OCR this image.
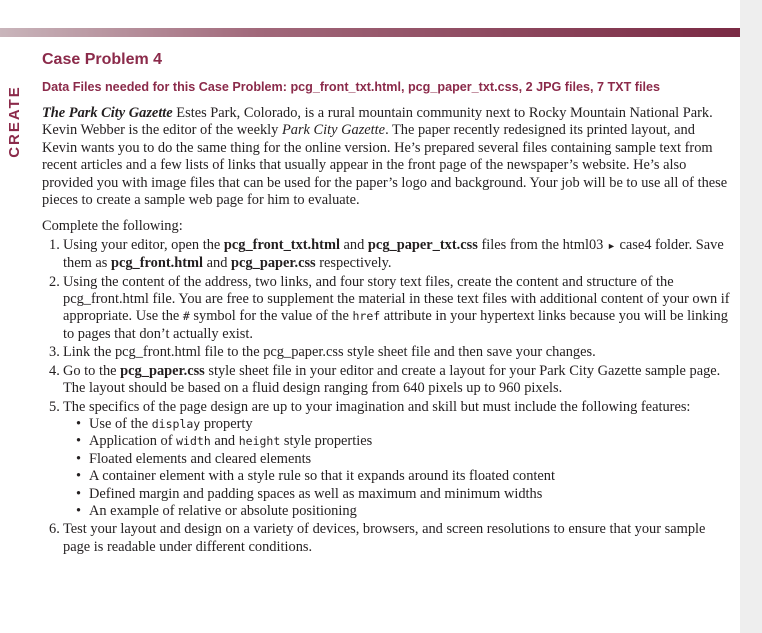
CREATE
Case Problem 4
Data Files needed for this Case Problem: pcg_front_txt.html, pcg_paper_txt.css, 2 JPG files, 7 TXT files

The Park City Gazette Estes Park, Colorado, is a rural mountain community next to Rocky Mountain National Park. Kevin Webber is the editor of the weekly Park City Gazette. The paper recently redesigned its printed layout, and Kevin wants you to do the same thing for the online version. He’s prepared several files containing sample text from recent articles and a few lists of links that usually appear in the front page of the newspaper’s website. He’s also provided you with image files that can be used for the paper’s logo and background. Your job will be to use all of these pieces to create a sample web page for him to evaluate.

Complete the following:

1. Using your editor, open the pcg_front_txt.html and pcg_paper_txt.css files from the html03 ► case4 folder. Save them as pcg_front.html and pcg_paper.css respectively.
2. Using the content of the address, two links, and four story text files, create the content and structure of the pcg_front.html file. You are free to supplement the material in these text files with additional content of your own if appropriate. Use the # symbol for the value of the href attribute in your hypertext links because you will be linking to pages that don’t actually exist.
3. Link the pcg_front.html file to the pcg_paper.css style sheet file and then save your changes.
4. Go to the pcg_paper.css style sheet file in your editor and create a layout for your Park City Gazette sample page. The layout should be based on a fluid design ranging from 640 pixels up to 960 pixels.
5. The specifics of the page design are up to your imagination and skill but must include the following features:
• Use of the display property
• Application of width and height style properties
• Floated elements and cleared elements
• A container element with a style rule so that it expands around its floated content
• Defined margin and padding spaces as well as maximum and minimum widths
• An example of relative or absolute positioning
6. Test your layout and design on a variety of devices, browsers, and screen resolutions to ensure that your sample page is readable under different conditions.
